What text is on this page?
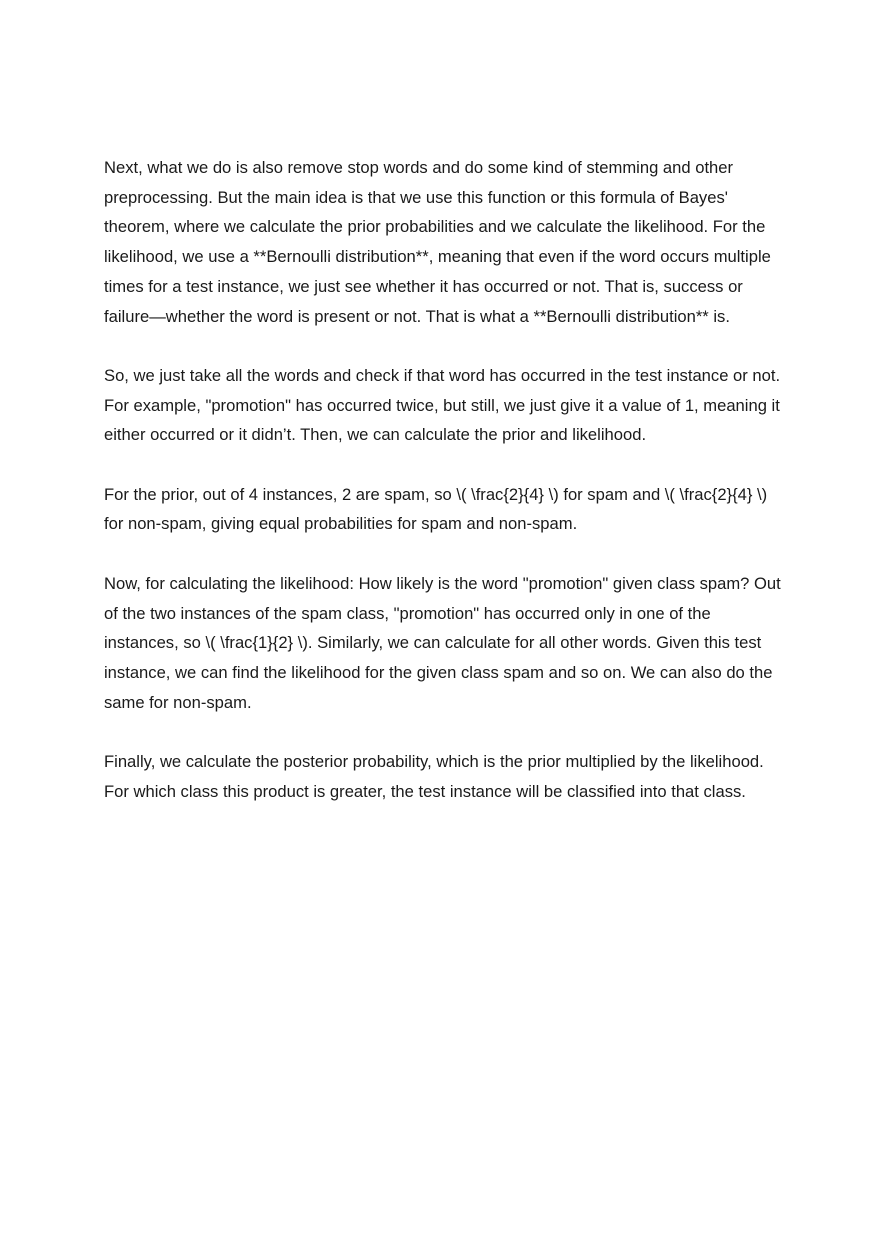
Next, what we do is also remove stop words and do some kind of stemming and other preprocessing. But the main idea is that we use this function or this formula of Bayes' theorem, where we calculate the prior probabilities and we calculate the likelihood. For the likelihood, we use a **Bernoulli distribution**, meaning that even if the word occurs multiple times for a test instance, we just see whether it has occurred or not. That is, success or failure—whether the word is present or not. That is what a **Bernoulli distribution** is.

So, we just take all the words and check if that word has occurred in the test instance or not. For example, "promotion" has occurred twice, but still, we just give it a value of 1, meaning it either occurred or it didn’t. Then, we can calculate the prior and likelihood.

For the prior, out of 4 instances, 2 are spam, so \( \frac{2}{4} \) for spam and \( \frac{2}{4} \) for non-spam, giving equal probabilities for spam and non-spam.

Now, for calculating the likelihood: How likely is the word "promotion" given class spam? Out of the two instances of the spam class, "promotion" has occurred only in one of the instances, so \( \frac{1}{2} \). Similarly, we can calculate for all other words. Given this test instance, we can find the likelihood for the given class spam and so on. We can also do the same for non-spam.

Finally, we calculate the posterior probability, which is the prior multiplied by the likelihood. For which class this product is greater, the test instance will be classified into that class.
